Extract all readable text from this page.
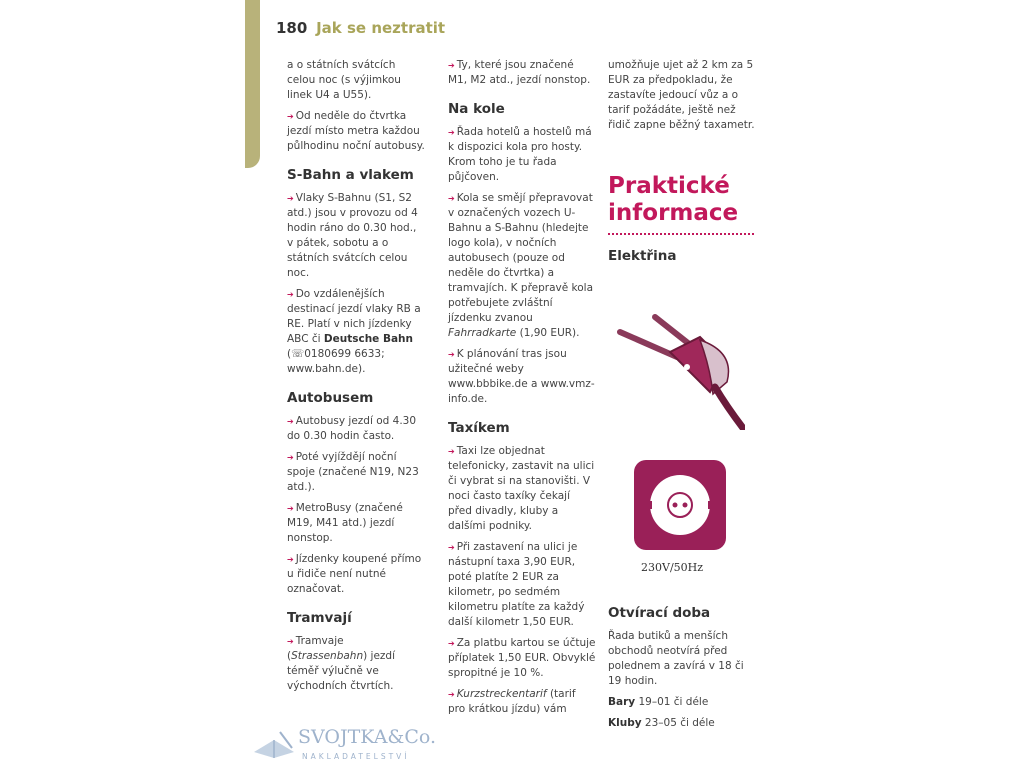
180 Jak se neztratit

a o státních svátcích celou noc (s výjimkou linek U4 a U55).

➔ Od neděle do čtvrtka jezdí místo metra každou půlhodinu noční autobusy.

S-Bahn a vlakem

➔ Vlaky S-Bahnu (S1, S2 atd.) jsou v provozu od 4 hodin ráno do 0.30 hod., v pátek, sobotu a o státních svátcích celou noc.

➔ Do vzdálenějších destinací jezdí vlaky RB a RE. Platí v nich jízdenky ABC či Deutsche Bahn (☏0180699 6633; www.bahn.de).

Autobusem

➔ Autobusy jezdí od 4.30 do 0.30 hodin často.

➔ Poté vyjíždějí noční spoje (značené N19, N23 atd.).

➔ MetroBusy (značené M19, M41 atd.) jezdí nonstop.

➔ Jízdenky koupené přímo u řidiče není nutné označovat.

Tramvají

➔ Tramvaje (Strassenbahn) jezdí téměř výlučně ve východních čtvrtích.

➔ Ty, které jsou značené M1, M2 atd., jezdí nonstop.

Na kole

➔ Řada hotelů a hostelů má k dispozici kola pro hosty. Krom toho je tu řada půjčoven.

➔ Kola se smějí přepravovat v označených vozech U-Bahnu a S-Bahnu (hledejte logo kola), v nočních autobusech (pouze od neděle do čtvrtka) a tramvajích. K přepravě kola potřebujete zvláštní jízdenku zvanou Fahrradkarte (1,90 EUR).

➔ K plánování tras jsou užitečné weby www.bbbike.de a www.vmz-info.de.

Taxíkem

➔ Taxi lze objednat telefonicky, zastavit na ulici či vybrat si na stanovišti. V noci často taxíky čekají před divadly, kluby a dalšími podniky.

➔ Při zastavení na ulici je nástupní taxa 3,90 EUR, poté platíte 2 EUR za kilometr, po sedmém kilometru platíte za každý další kilometr 1,50 EUR.

➔ Za platbu kartou se účtuje příplatek 1,50 EUR. Obvyklé spropitné je 10 %.

➔ Kurzstreckentarif (tarif pro krátkou jízdu) vám

umožňuje ujet až 2 km za 5 EUR za předpokladu, že zastavíte jedoucí vůz a o tarif požádáte, ještě než řidič zapne běžný taxametr.

Praktické
informace
Elektřina
230V/50Hz
Otvírací doba

Řada butiků a menších obchodů neotvírá před polednem a zavírá v 18 či 19 hodin.

Bary 19–01 či déle

Kluby 23–05 či déle

SVOJTKA&Co.
NAKLADATELSTVÍ
